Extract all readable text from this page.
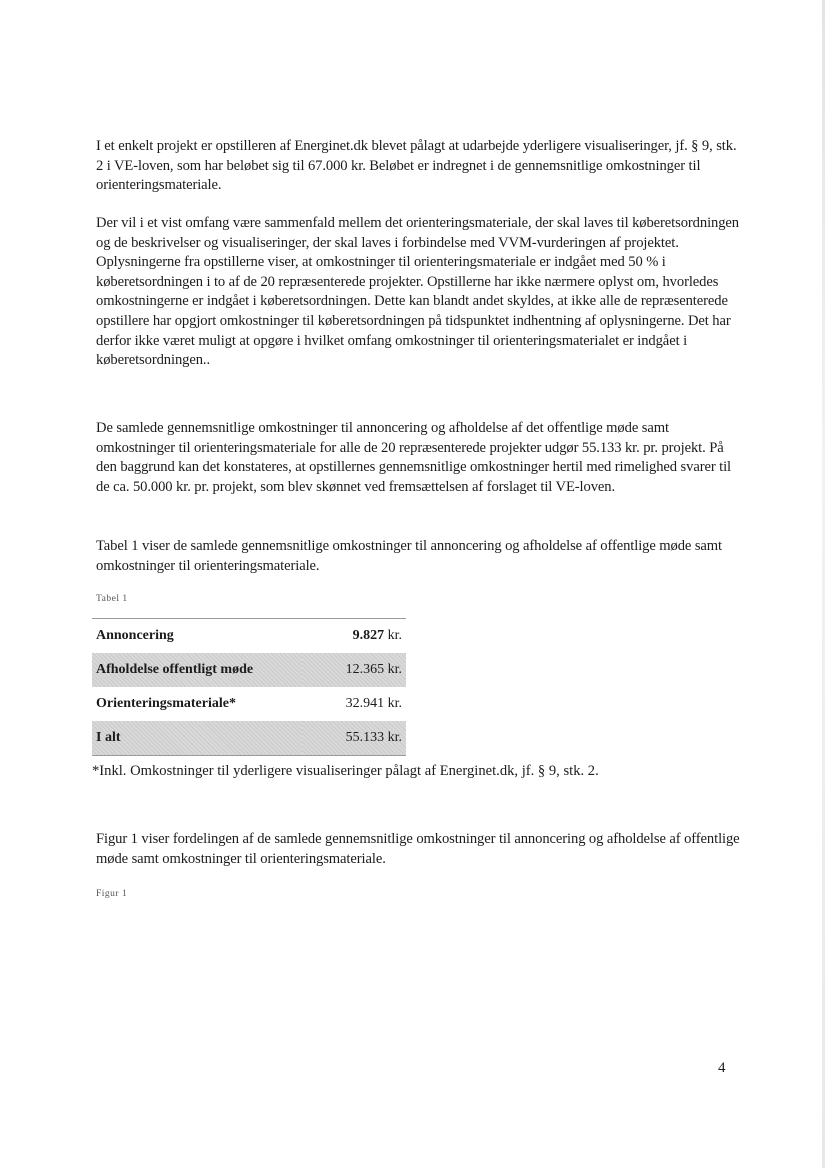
I et enkelt projekt er opstilleren af Energinet.dk blevet pålagt at udarbejde yderligere visualiseringer, jf. § 9, stk. 2 i VE-loven, som har beløbet sig til 67.000 kr. Beløbet er indregnet i de gennemsnitlige omkostninger til orienteringsmateriale.

Der vil i et vist omfang være sammenfald mellem det orienteringsmateriale, der skal laves til køberetsordningen og de beskrivelser og visualiseringer, der skal laves i forbindelse med VVM-vurderingen af projektet. Oplysningerne fra opstillerne viser, at omkostninger til orienteringsmateriale er indgået med 50 % i køberetsordningen i to af de 20 repræsenterede projekter. Opstillerne har ikke nærmere oplyst om, hvorledes omkostningerne er indgået i køberetsordningen. Dette kan blandt andet skyldes, at ikke alle de repræsenterede opstillere har opgjort omkostninger til køberetsordningen på tidspunktet indhentning af oplysningerne. Det har derfor ikke været muligt at opgøre i hvilket omfang omkostninger til orienteringsmaterialet er indgået i køberetsordningen..

De samlede gennemsnitlige omkostninger til annoncering og afholdelse af det offentlige møde samt omkostninger til orienteringsmateriale for alle de 20 repræsenterede projekter udgør 55.133 kr. pr. projekt. På den baggrund kan det konstateres, at opstillernes gennemsnitlige omkostninger hertil med rimelighed svarer til de ca. 50.000 kr. pr. projekt, som blev skønnet ved fremsættelsen af forslaget til VE-loven.

Tabel 1 viser de samlede gennemsnitlige omkostninger til annoncering og afholdelse af offentlige møde samt omkostninger til orienteringsmateriale.

Tabel 1
Annoncering	9.827 kr.
Afholdelse offentligt møde	12.365 kr.
Orienteringsmateriale*	32.941 kr.
I alt	55.133 kr.

*Inkl. Omkostninger til yderligere visualiseringer pålagt af Energinet.dk, jf. § 9, stk. 2.

Figur 1 viser fordelingen af de samlede gennemsnitlige omkostninger til annoncering og afholdelse af offentlige møde samt omkostninger til orienteringsmateriale.

Figur 1
4
